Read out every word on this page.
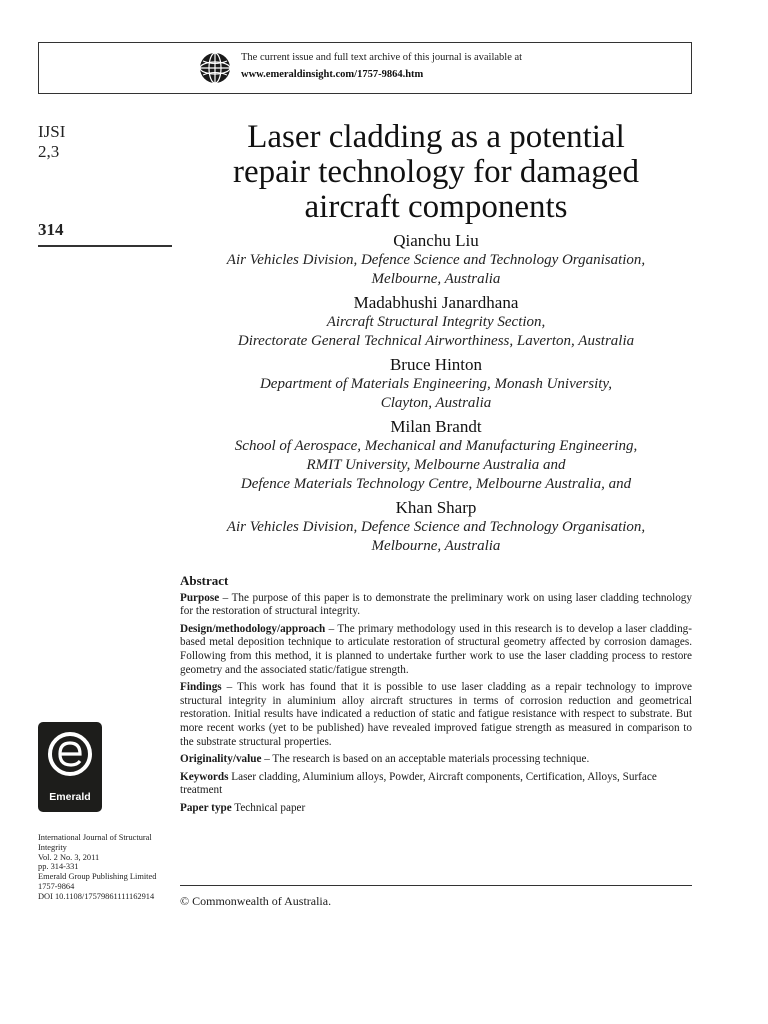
The current issue and full text archive of this journal is available at
www.emeraldinsight.com/1757-9864.htm
IJSI
2,3
314
Laser cladding as a potential
repair technology for damaged
aircraft components
Qianchu Liu
Air Vehicles Division, Defence Science and Technology Organisation,
Melbourne, Australia
Madabhushi Janardhana
Aircraft Structural Integrity Section,
Directorate General Technical Airworthiness, Laverton, Australia
Bruce Hinton
Department of Materials Engineering, Monash University,
Clayton, Australia
Milan Brandt
School of Aerospace, Mechanical and Manufacturing Engineering,
RMIT University, Melbourne Australia and
Defence Materials Technology Centre, Melbourne Australia, and
Khan Sharp
Air Vehicles Division, Defence Science and Technology Organisation,
Melbourne, Australia
Abstract

Purpose – The purpose of this paper is to demonstrate the preliminary work on using laser cladding technology for the restoration of structural integrity.

Design/methodology/approach – The primary methodology used in this research is to develop a laser cladding-based metal deposition technique to articulate restoration of structural geometry affected by corrosion damages. Following from this method, it is planned to undertake further work to use the laser cladding process to restore geometry and the associated static/fatigue strength.

Findings – This work has found that it is possible to use laser cladding as a repair technology to improve structural integrity in aluminium alloy aircraft structures in terms of corrosion reduction and geometrical restoration. Initial results have indicated a reduction of static and fatigue resistance with respect to substrate. But more recent works (yet to be published) have revealed improved fatigue strength as measured in comparison to the substrate structural properties.

Originality/value – The research is based on an acceptable materials processing technique.

Keywords Laser cladding, Aluminium alloys, Powder, Aircraft components, Certification, Alloys, Surface treatment

Paper type Technical paper

Emerald
International Journal of Structural
Integrity
Vol. 2 No. 3, 2011
pp. 314-331
Emerald Group Publishing Limited
1757-9864
DOI 10.1108/17579861111162914	© Commonwealth of Australia.
